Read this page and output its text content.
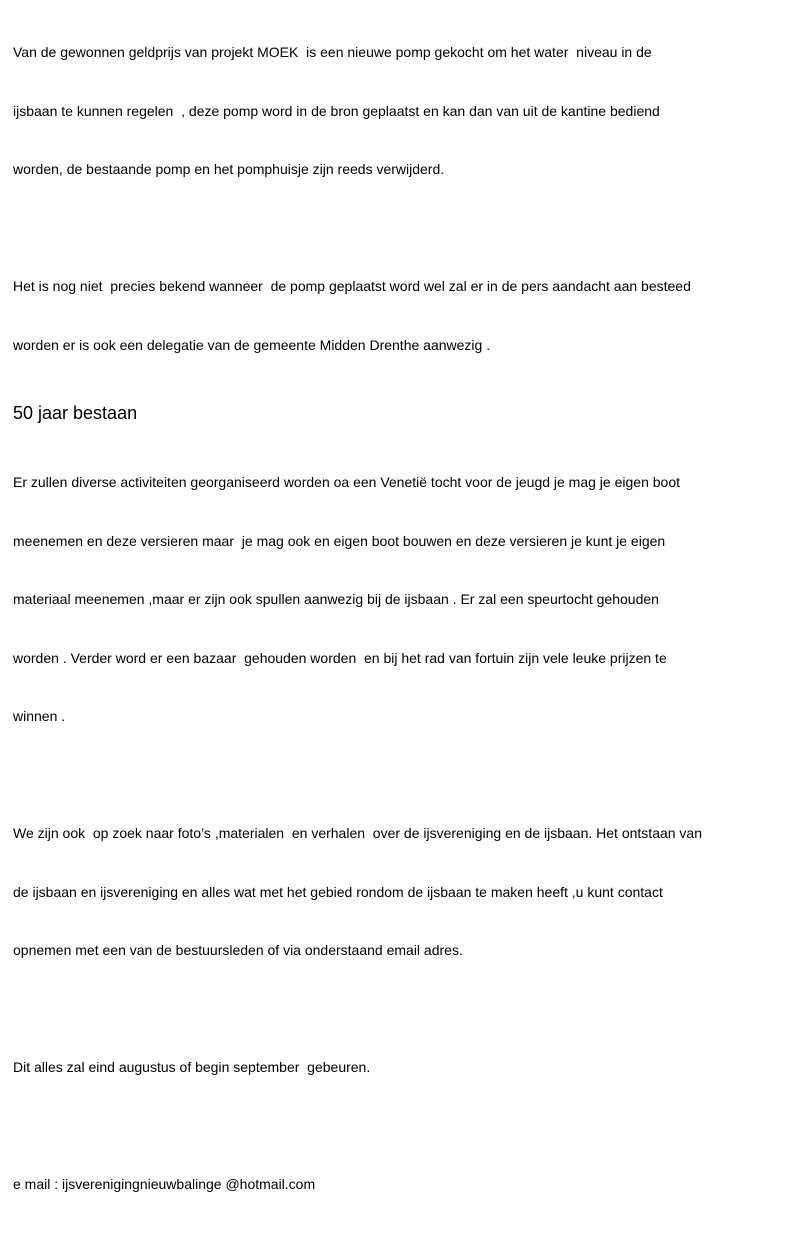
Van de gewonnen geldprijs van projekt MOEK  is een nieuwe pomp gekocht om het water  niveau in de

ijsbaan te kunnen regelen  , deze pomp word in de bron geplaatst en kan dan van uit de kantine bediend

worden, de bestaande pomp en het pomphuisje zijn reeds verwijderd.

Het is nog niet  precies bekend wanneer  de pomp geplaatst word wel zal er in de pers aandacht aan besteed

worden er is ook een delegatie van de gemeente Midden Drenthe aanwezig .

50 jaar bestaan

Er zullen diverse activiteiten georganiseerd worden oa een Venetië tocht voor de jeugd je mag je eigen boot

meenemen en deze versieren maar  je mag ook en eigen boot bouwen en deze versieren je kunt je eigen

materiaal meenemen ,maar er zijn ook spullen aanwezig bij de ijsbaan . Er zal een speurtocht gehouden

worden . Verder word er een bazaar  gehouden worden  en bij het rad van fortuin zijn vele leuke prijzen te

winnen .

We zijn ook  op zoek naar foto’s ,materialen  en verhalen  over de ijsvereniging en de ijsbaan. Het ontstaan van

de ijsbaan en ijsvereniging en alles wat met het gebied rondom de ijsbaan te maken heeft ,u kunt contact

opnemen met een van de bestuursleden of via onderstaand email adres.

Dit alles zal eind augustus of begin september  gebeuren.

e mail : ijsverenigingnieuwbalinge @hotmail.com
